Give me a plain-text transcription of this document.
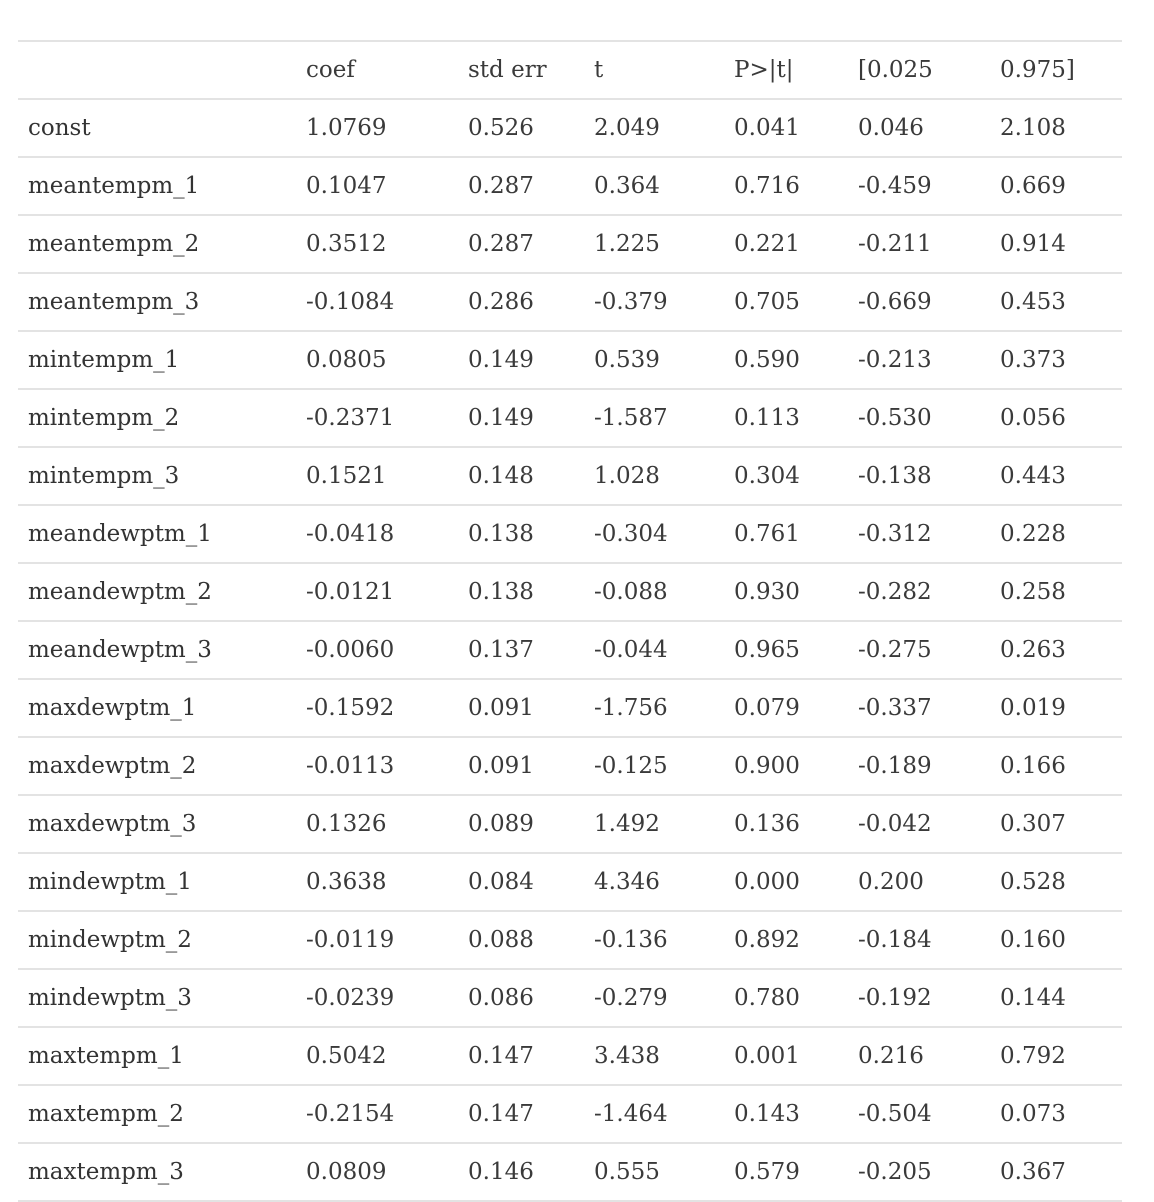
	coef	std err	t	P>|t|	[0.025	0.975]
const	1.0769	0.526	2.049	0.041	0.046	2.108
meantempm_1	0.1047	0.287	0.364	0.716	-0.459	0.669
meantempm_2	0.3512	0.287	1.225	0.221	-0.211	0.914
meantempm_3	-0.1084	0.286	-0.379	0.705	-0.669	0.453
mintempm_1	0.0805	0.149	0.539	0.590	-0.213	0.373
mintempm_2	-0.2371	0.149	-1.587	0.113	-0.530	0.056
mintempm_3	0.1521	0.148	1.028	0.304	-0.138	0.443
meandewptm_1	-0.0418	0.138	-0.304	0.761	-0.312	0.228
meandewptm_2	-0.0121	0.138	-0.088	0.930	-0.282	0.258
meandewptm_3	-0.0060	0.137	-0.044	0.965	-0.275	0.263
maxdewptm_1	-0.1592	0.091	-1.756	0.079	-0.337	0.019
maxdewptm_2	-0.0113	0.091	-0.125	0.900	-0.189	0.166
maxdewptm_3	0.1326	0.089	1.492	0.136	-0.042	0.307
mindewptm_1	0.3638	0.084	4.346	0.000	0.200	0.528
mindewptm_2	-0.0119	0.088	-0.136	0.892	-0.184	0.160
mindewptm_3	-0.0239	0.086	-0.279	0.780	-0.192	0.144
maxtempm_1	0.5042	0.147	3.438	0.001	0.216	0.792
maxtempm_2	-0.2154	0.147	-1.464	0.143	-0.504	0.073
maxtempm_3	0.0809	0.146	0.555	0.579	-0.205	0.367
